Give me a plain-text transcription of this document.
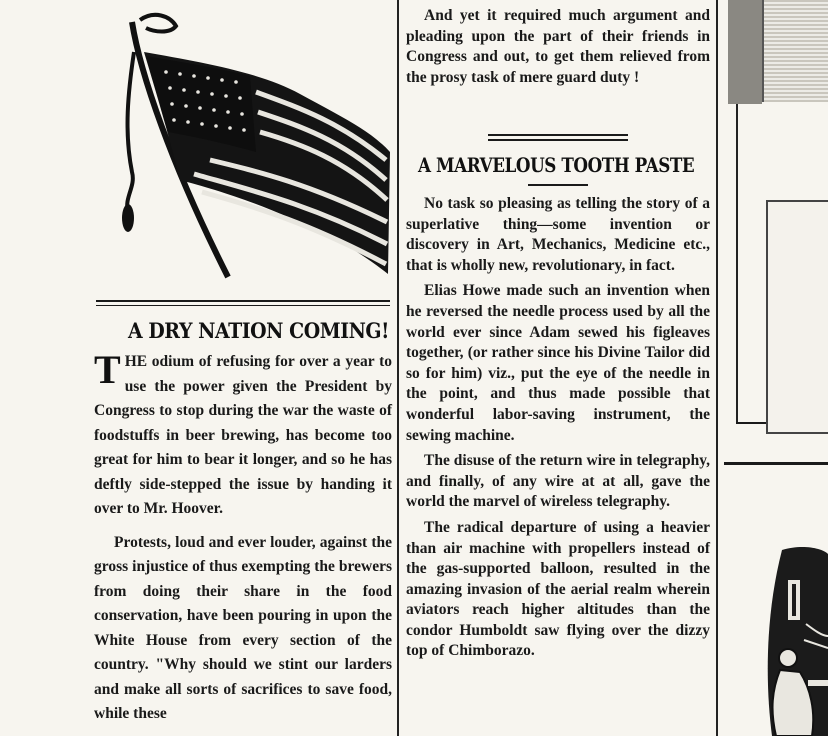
A DRY NATION COMING!

THE odium of refusing for over a year to use the power given the President by Congress to stop during the war the waste of foodstuffs in beer brewing, has become too great for him to bear it longer, and so he has deftly side-stepped the issue by handing it over to Mr. Hoover.

Protests, loud and ever louder, against the gross injustice of thus exempting the brewers from doing their share in the food conservation, have been pouring in upon the White House from every section of the country. "Why should we stint our larders and make all sorts of sacrifices to save food, while these

And yet it required much argument and pleading upon the part of their friends in Congress and out, to get them relieved from the prosy task of mere guard duty !

A MARVELOUS TOOTH PASTE

No task so pleasing as telling the story of a superlative thing—some invention or discovery in Art, Mechanics, Medicine etc., that is wholly new, revolutionary, in fact.

Elias Howe made such an invention when he reversed the needle process used by all the world ever since Adam sewed his figleaves together, (or rather since his Divine Tailor did so for him) viz., put the eye of the needle in the point, and thus made possible that wonderful labor-saving instrument, the sewing machine.

The disuse of the return wire in telegraphy, and finally, of any wire at at all, gave the world the marvel of wireless telegraphy.

The radical departure of using a heavier than air machine with propellers instead of the gas-supported balloon, resulted in the amazing invasion of the aerial realm wherein aviators reach higher altitudes than the condor Humboldt saw flying over the dizzy top of Chimborazo.
